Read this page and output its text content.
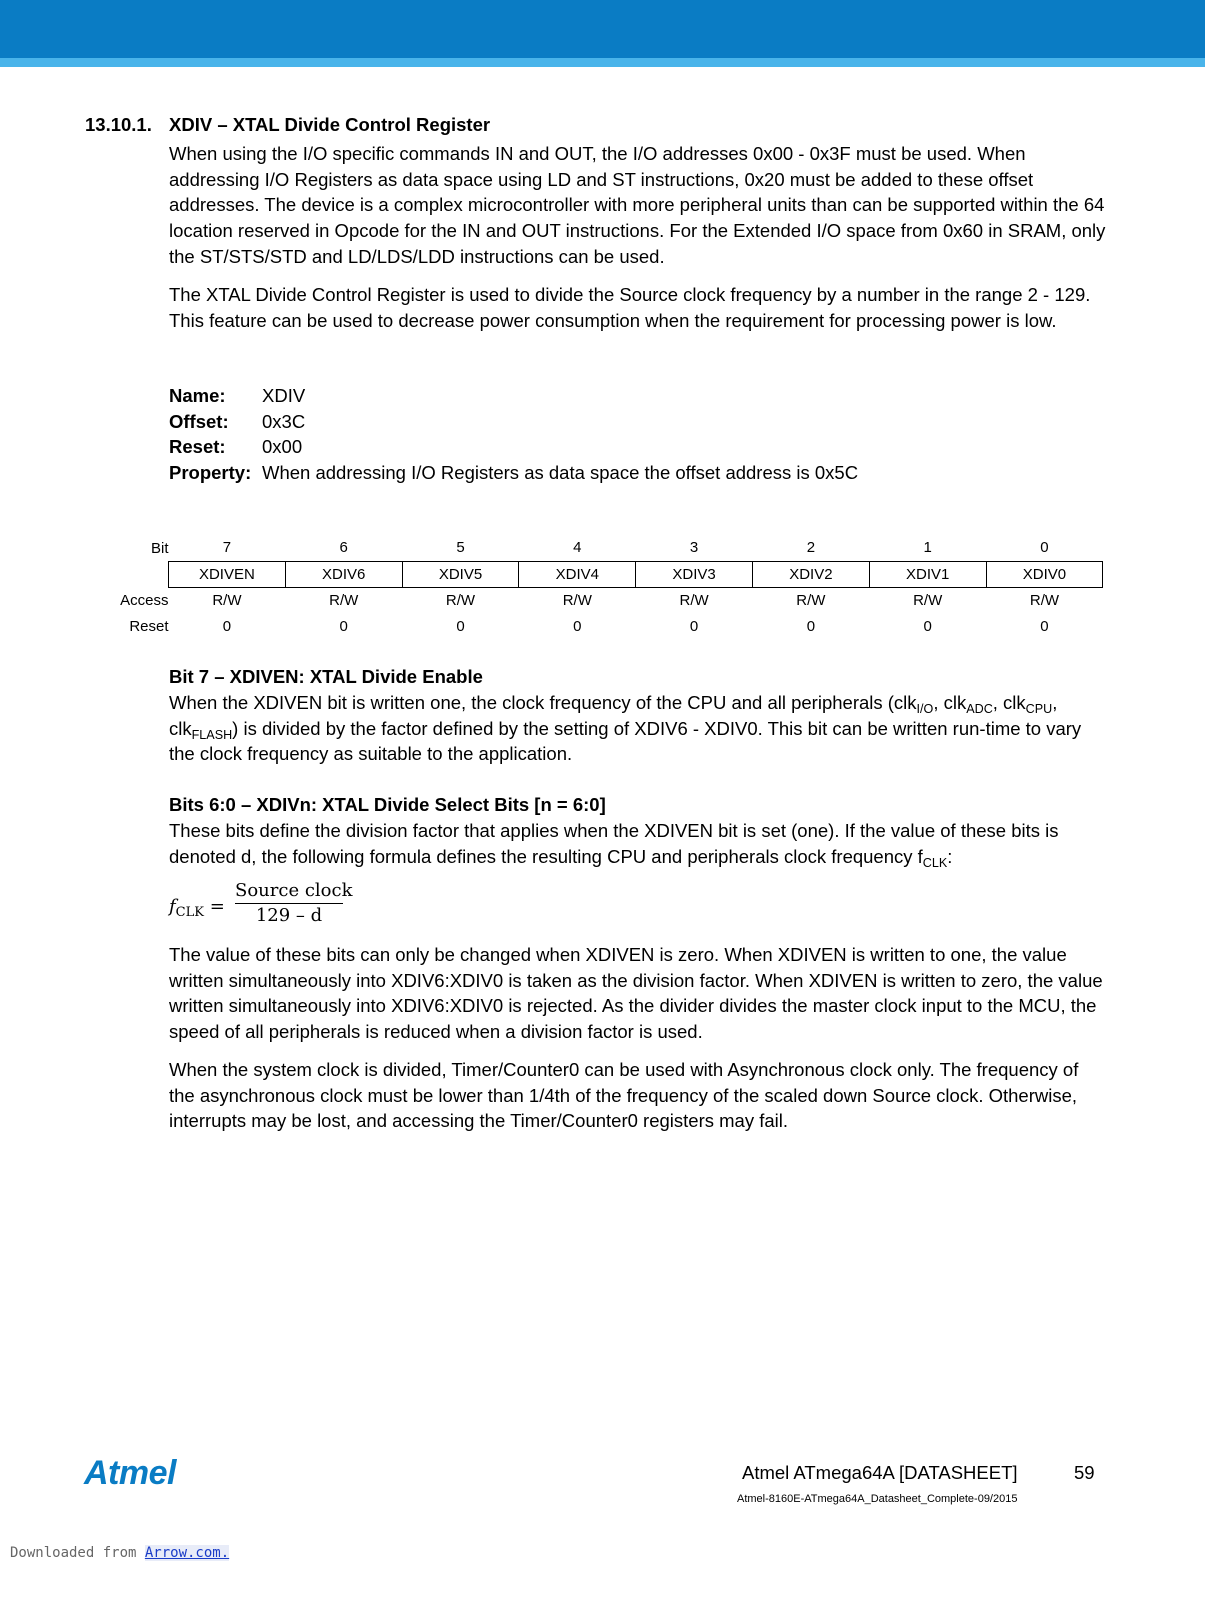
13.10.1. XDIV – XTAL Divide Control Register

When using the I/O specific commands IN and OUT, the I/O addresses 0x00 - 0x3F must be used. When addressing I/O Registers as data space using LD and ST instructions, 0x20 must be added to these offset addresses. The device is a complex microcontroller with more peripheral units than can be supported within the 64 location reserved in Opcode for the IN and OUT instructions. For the Extended I/O space from 0x60 in SRAM, only the ST/STS/STD and LD/LDS/LDD instructions can be used.

The XTAL Divide Control Register is used to divide the Source clock frequency by a number in the range 2 - 129. This feature can be used to decrease power consumption when the requirement for processing power is low.

Name: XDIV
Offset: 0x3C
Reset: 0x00
Property: When addressing I/O Registers as data space the offset address is 0x5C
Bit	7	6	5	4	3	2	1	0
	XDIVEN	XDIV6	XDIV5	XDIV4	XDIV3	XDIV2	XDIV1	XDIV0
Access	R/W	R/W	R/W	R/W	R/W	R/W	R/W	R/W
Reset	0	0	0	0	0	0	0	0
Bit 7 – XDIVEN: XTAL Divide Enable

When the XDIVEN bit is written one, the clock frequency of the CPU and all peripherals (clk$_{I/O}$, clk$_{ADC}$, clk$_{CPU}$, clk$_{FLASH}$) is divided by the factor defined by the setting of XDIV6 - XDIV0. This bit can be written run-time to vary the clock frequency as suitable to the application.

Bits 6:0 – XDIVn: XTAL Divide Select Bits [n = 6:0]

These bits define the division factor that applies when the XDIVEN bit is set (one). If the value of these bits is denoted d, the following formula defines the resulting CPU and peripherals clock frequency $f_{CLK}$:

$f_{CLK}$ =
Source clock
129 – d

The value of these bits can only be changed when XDIVEN is zero. When XDIVEN is written to one, the value written simultaneously into XDIV6:XDIV0 is taken as the division factor. When XDIVEN is written to zero, the value written simultaneously into XDIV6:XDIV0 is rejected. As the divider divides the master clock input to the MCU, the speed of all peripherals is reduced when a division factor is used.

When the system clock is divided, Timer/Counter0 can be used with Asynchronous clock only. The frequency of the asynchronous clock must be lower than 1/4th of the frequency of the scaled down Source clock. Otherwise, interrupts may be lost, and accessing the Timer/Counter0 registers may fail.

Atmel	Atmel ATmega64A [DATASHEET]	59
Atmel-8160E-ATmega64A_Datasheet_Complete-09/2015
Downloaded from Arrow.com.
